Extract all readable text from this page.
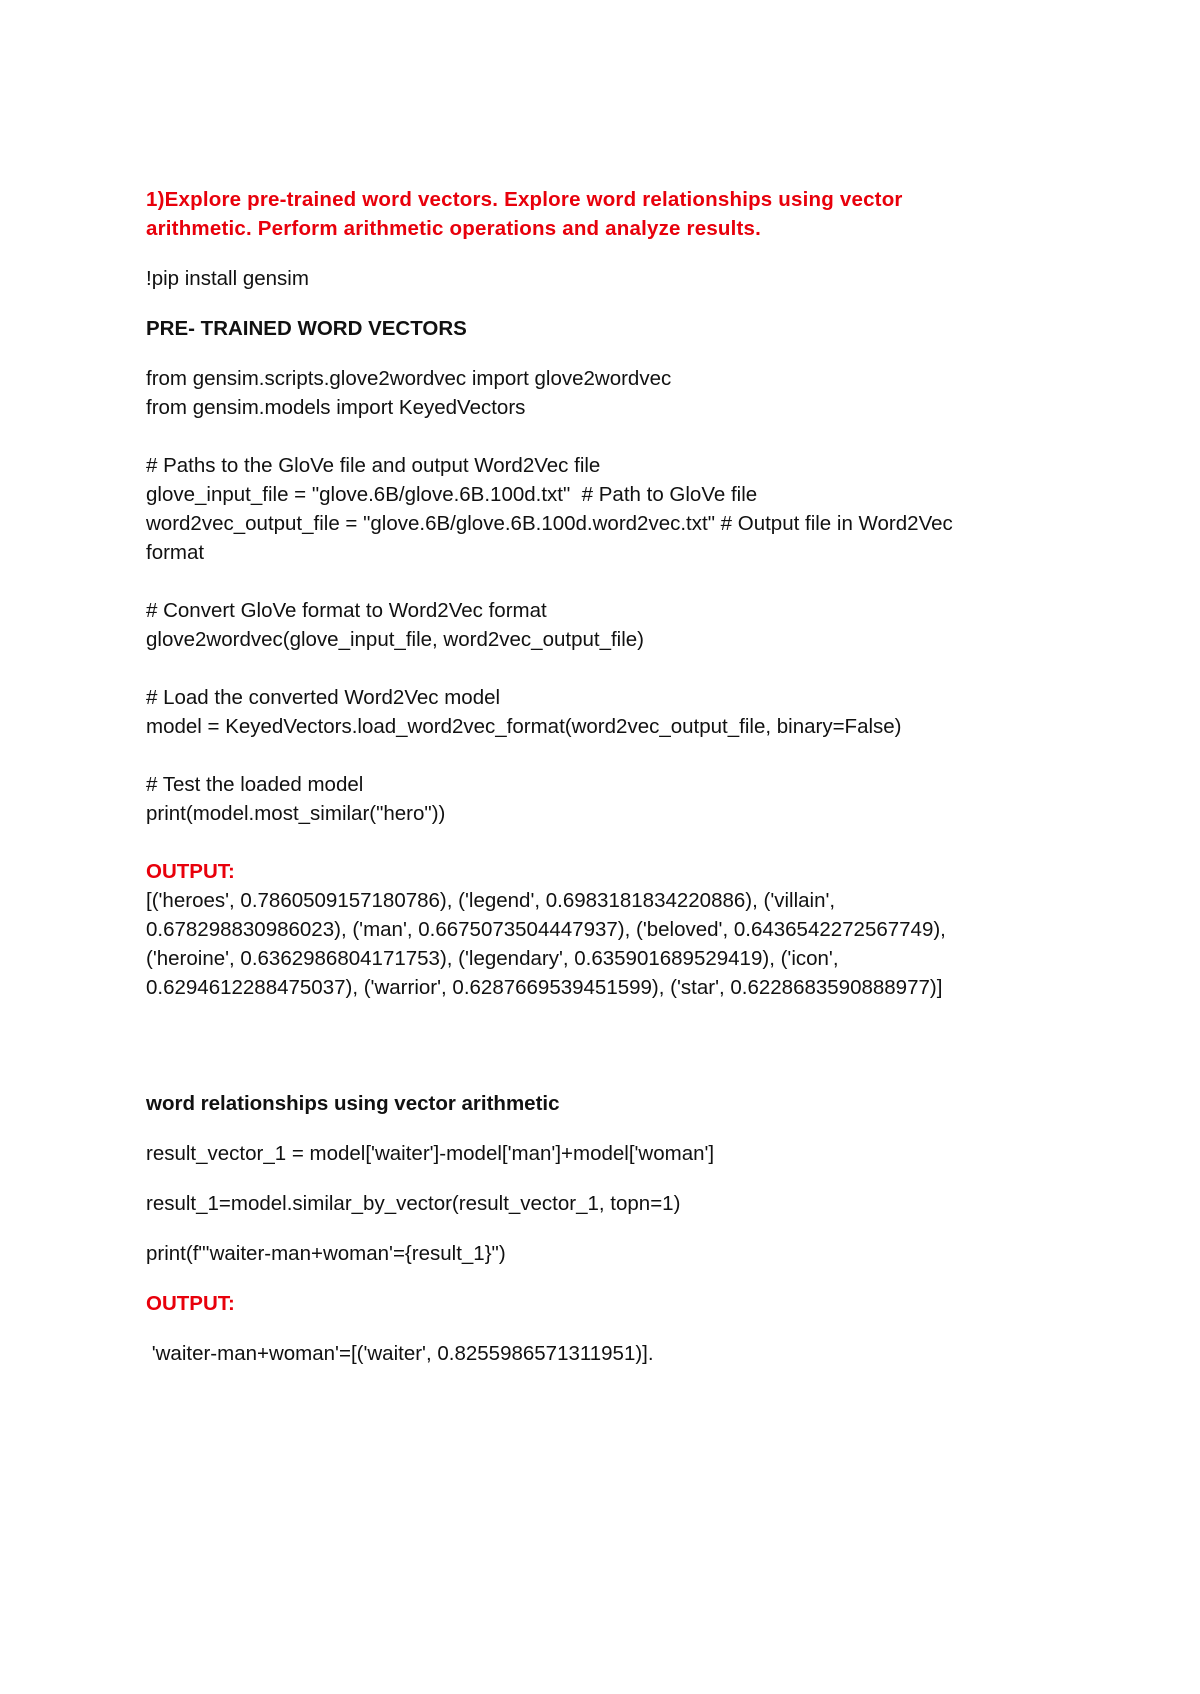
1)Explore pre-trained word vectors. Explore word relationships using vector
arithmetic. Perform arithmetic operations and analyze results.
!pip install gensim
PRE- TRAINED WORD VECTORS
from gensim.scripts.glove2wordvec import glove2wordvec
from gensim.models import KeyedVectors
# Paths to the GloVe file and output Word2Vec file
glove_input_file = "glove.6B/glove.6B.100d.txt"  # Path to GloVe file
word2vec_output_file = "glove.6B/glove.6B.100d.word2vec.txt" # Output file in Word2Vec
format
# Convert GloVe format to Word2Vec format
glove2wordvec(glove_input_file, word2vec_output_file)
# Load the converted Word2Vec model
model = KeyedVectors.load_word2vec_format(word2vec_output_file, binary=False)
# Test the loaded model
print(model.most_similar("hero"))
OUTPUT:
[('heroes', 0.7860509157180786), ('legend', 0.6983181834220886), ('villain',
0.678298830986023), ('man', 0.6675073504447937), ('beloved', 0.6436542272567749),
('heroine', 0.6362986804171753), ('legendary', 0.635901689529419), ('icon',
0.6294612288475037), ('warrior', 0.6287669539451599), ('star', 0.6228683590888977)]
word relationships using vector arithmetic
result_vector_1 = model['waiter']-model['man']+model['woman']
result_1=model.similar_by_vector(result_vector_1, topn=1)
print(f"'waiter-man+woman'={result_1}")
OUTPUT:
'waiter-man+woman'=[('waiter', 0.8255986571311951)].
